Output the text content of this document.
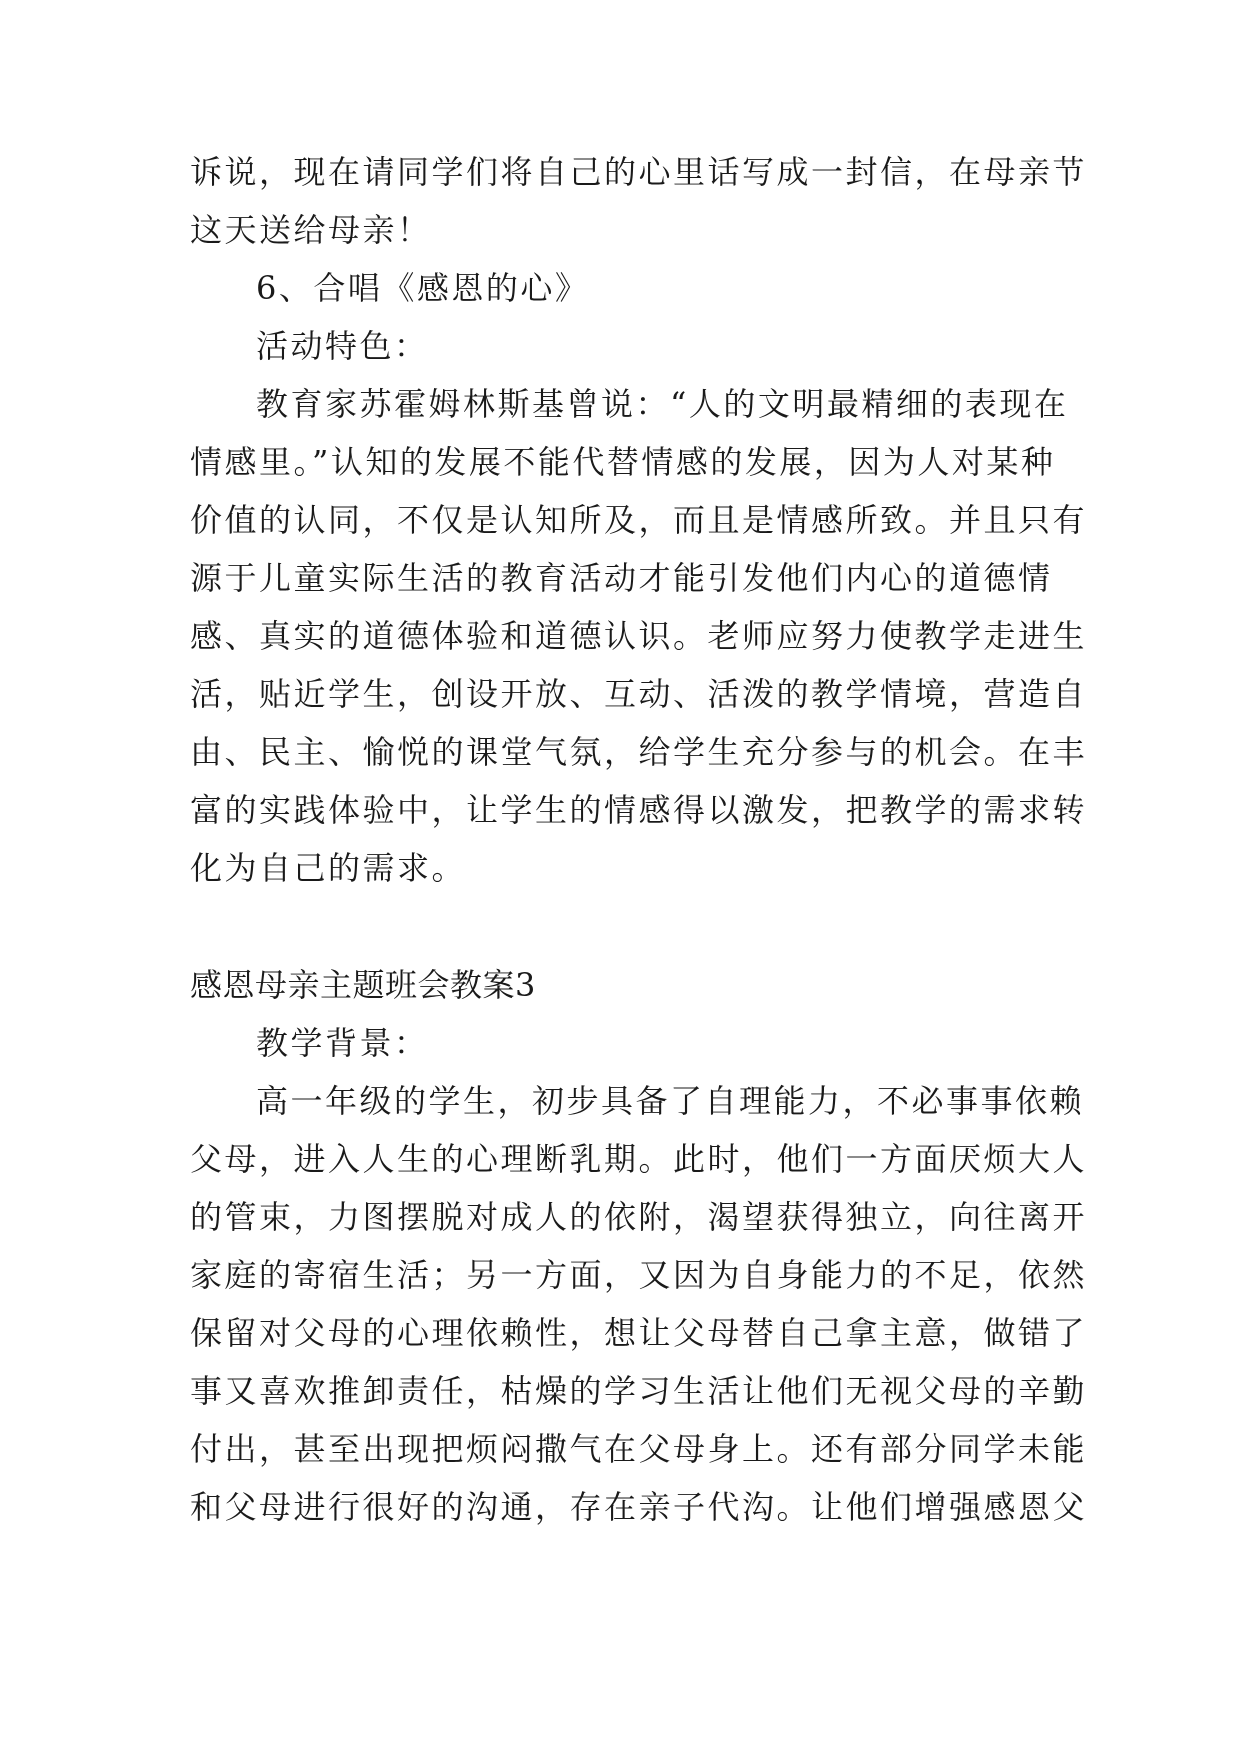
诉说，现在请同学们将自己的心里话写成一封信，在母亲节
这天送给母亲！
6、合唱《感恩的心》
活动特色：
教育家苏霍姆林斯基曾说：“人的文明最精细的表现在
情感里。”认知的发展不能代替情感的发展，因为人对某种
价值的认同，不仅是认知所及，而且是情感所致。并且只有
源于儿童实际生活的教育活动才能引发他们内心的道德情
感、真实的道德体验和道德认识。老师应努力使教学走进生
活，贴近学生，创设开放、互动、活泼的教学情境，营造自
由、民主、愉悦的课堂气氛，给学生充分参与的机会。在丰
富的实践体验中，让学生的情感得以激发，把教学的需求转
化为自己的需求。
感恩母亲主题班会教案3
教学背景：
高一年级的学生，初步具备了自理能力，不必事事依赖
父母，进入人生的心理断乳期。此时，他们一方面厌烦大人
的管束，力图摆脱对成人的依附，渴望获得独立，向往离开
家庭的寄宿生活；另一方面，又因为自身能力的不足，依然
保留对父母的心理依赖性，想让父母替自己拿主意，做错了
事又喜欢推卸责任，枯燥的学习生活让他们无视父母的辛勤
付出，甚至出现把烦闷撒气在父母身上。还有部分同学未能
和父母进行很好的沟通，存在亲子代沟。让他们增强感恩父
